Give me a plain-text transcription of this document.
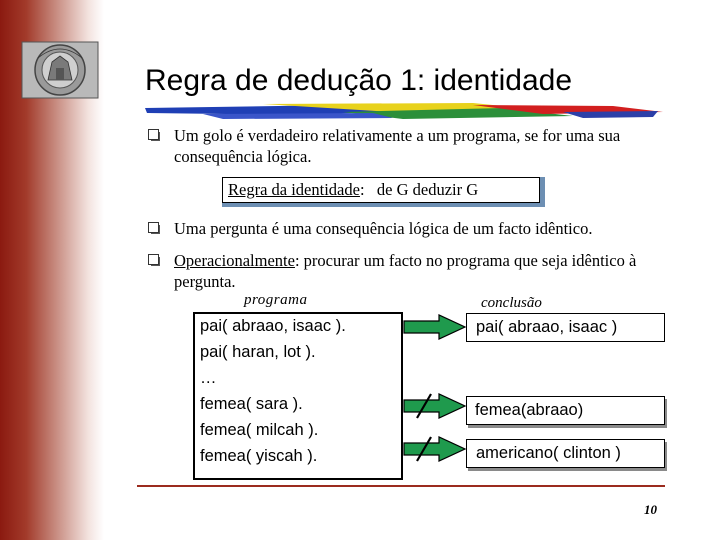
Regra de dedução 1: identidade
Um golo é verdadeiro relativamente a um programa, se for uma sua consequência lógica.
Regra da identidade:   de G deduzir G
Uma pergunta é uma consequência lógica de um facto idêntico.
Operacionalmente: procurar um facto no programa que seja idêntico à pergunta.
programa	conclusão
pai( abraao, isaac ).
pai( haran, lot ).
…
femea( sara ).
femea( milcah ).
femea( yiscah ).
pai( abraao, isaac )
femea(abraao)
americano( clinton )
10
